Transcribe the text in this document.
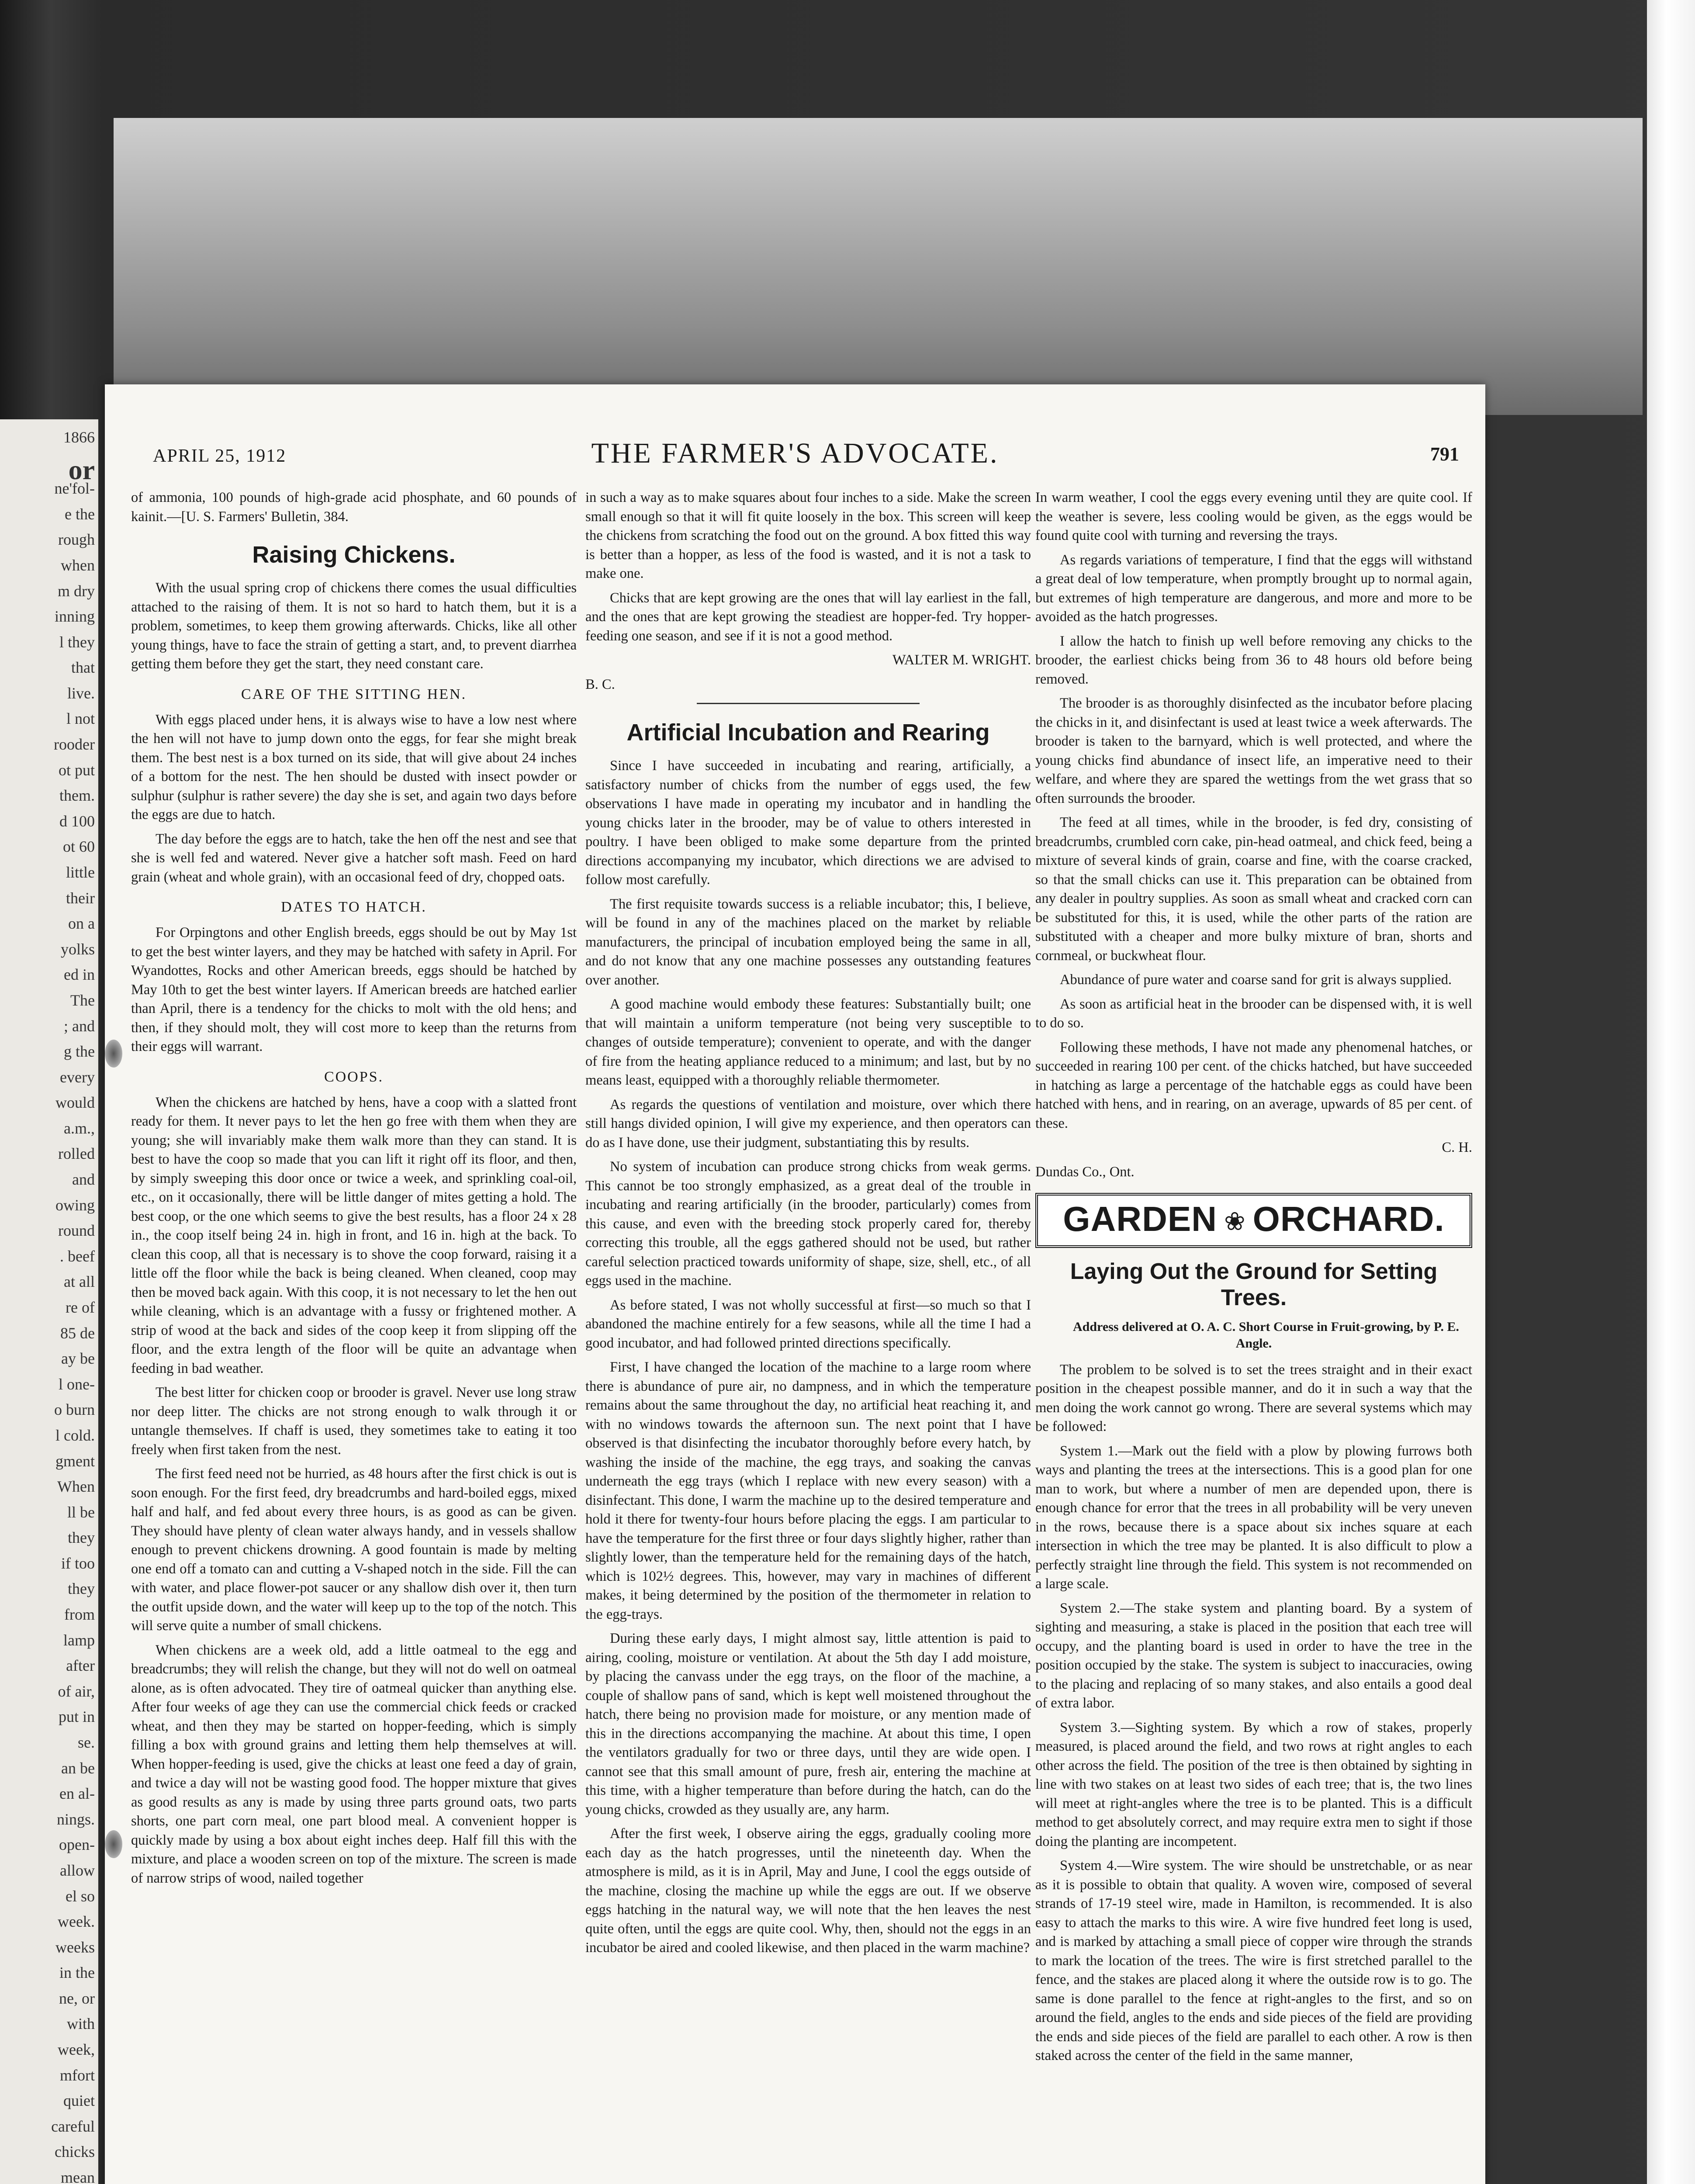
1866
or
ne'fol-
e the
rough
when
m dry
inning
l they
that
live.
l not
rooder
ot put
them.
d 100
ot 60
little
their
on a
yolks
ed in
The
; and
g the
every
would
a.m.,
rolled
and
owing
round
. beef
at all
re of
85 de
ay be
l one-
o burn
l cold.
gment
When
ll be
they
if too
they
from
lamp
after
of air,
put in
se.
an be
en al-
nings.
open-
allow
el so
week.
weeks
in the
ne, or
with
week,
mfort
quiet
careful
chicks
mean
APRIL 25, 1912	THE FARMER'S ADVOCATE.	791

of ammonia, 100 pounds of high-grade acid phosphate, and 60 pounds of kainit.—[U. S. Farmers' Bulletin, 384.

Raising Chickens.

With the usual spring crop of chickens there comes the usual difficulties attached to the raising of them. It is not so hard to hatch them, but it is a problem, sometimes, to keep them growing afterwards. Chicks, like all other young things, have to face the strain of getting a start, and, to prevent diarrhea getting them before they get the start, they need constant care.

CARE OF THE SITTING HEN.

With eggs placed under hens, it is always wise to have a low nest where the hen will not have to jump down onto the eggs, for fear she might break them. The best nest is a box turned on its side, that will give about 24 inches of a bottom for the nest. The hen should be dusted with insect powder or sulphur (sulphur is rather severe) the day she is set, and again two days before the eggs are due to hatch.

The day before the eggs are to hatch, take the hen off the nest and see that she is well fed and watered. Never give a hatcher soft mash. Feed on hard grain (wheat and whole grain), with an occasional feed of dry, chopped oats.

DATES TO HATCH.

For Orpingtons and other English breeds, eggs should be out by May 1st to get the best winter layers, and they may be hatched with safety in April. For Wyandottes, Rocks and other American breeds, eggs should be hatched by May 10th to get the best winter layers. If American breeds are hatched earlier than April, there is a tendency for the chicks to molt with the old hens; and then, if they should molt, they will cost more to keep than the returns from their eggs will warrant.

COOPS.

When the chickens are hatched by hens, have a coop with a slatted front ready for them. It never pays to let the hen go free with them when they are young; she will invariably make them walk more than they can stand. It is best to have the coop so made that you can lift it right off its floor, and then, by simply sweeping this door once or twice a week, and sprinkling coal-oil, etc., on it occasionally, there will be little danger of mites getting a hold. The best coop, or the one which seems to give the best results, has a floor 24 x 28 in., the coop itself being 24 in. high in front, and 16 in. high at the back. To clean this coop, all that is necessary is to shove the coop forward, raising it a little off the floor while the back is being cleaned. When cleaned, coop may then be moved back again. With this coop, it is not necessary to let the hen out while cleaning, which is an advantage with a fussy or frightened mother. A strip of wood at the back and sides of the coop keep it from slipping off the floor, and the extra length of the floor will be quite an advantage when feeding in bad weather.

The best litter for chicken coop or brooder is gravel. Never use long straw nor deep litter. The chicks are not strong enough to walk through it or untangle themselves. If chaff is used, they sometimes take to eating it too freely when first taken from the nest.

The first feed need not be hurried, as 48 hours after the first chick is out is soon enough. For the first feed, dry breadcrumbs and hard-boiled eggs, mixed half and half, and fed about every three hours, is as good as can be given. They should have plenty of clean water always handy, and in vessels shallow enough to prevent chickens drowning. A good fountain is made by melting one end off a tomato can and cutting a V-shaped notch in the side. Fill the can with water, and place flower-pot saucer or any shallow dish over it, then turn the outfit upside down, and the water will keep up to the top of the notch. This will serve quite a number of small chickens.

When chickens are a week old, add a little oatmeal to the egg and breadcrumbs; they will relish the change, but they will not do well on oatmeal alone, as is often advocated. They tire of oatmeal quicker than anything else. After four weeks of age they can use the commercial chick feeds or cracked wheat, and then they may be started on hopper-feeding, which is simply filling a box with ground grains and letting them help themselves at will. When hopper-feeding is used, give the chicks at least one feed a day of grain, and twice a day will not be wasting good food. The hopper mixture that gives as good results as any is made by using three parts ground oats, two parts shorts, one part corn meal, one part blood meal. A convenient hopper is quickly made by using a box about eight inches deep. Half fill this with the mixture, and place a wooden screen on top of the mixture. The screen is made of narrow strips of wood, nailed together

in such a way as to make squares about four inches to a side. Make the screen small enough so that it will fit quite loosely in the box. This screen will keep the chickens from scratching the food out on the ground. A box fitted this way is better than a hopper, as less of the food is wasted, and it is not a task to make one.

Chicks that are kept growing are the ones that will lay earliest in the fall, and the ones that are kept growing the steadiest are hopper-fed. Try hopper-feeding one season, and see if it is not a good method.

WALTER M. WRIGHT.

B. C.

Artificial Incubation and Rearing

Since I have succeeded in incubating and rearing, artificially, a satisfactory number of chicks from the number of eggs used, the few observations I have made in operating my incubator and in handling the young chicks later in the brooder, may be of value to others interested in poultry. I have been obliged to make some departure from the printed directions accompanying my incubator, which directions we are advised to follow most carefully.

The first requisite towards success is a reliable incubator; this, I believe, will be found in any of the machines placed on the market by reliable manufacturers, the principal of incubation employed being the same in all, and do not know that any one machine possesses any outstanding features over another.

A good machine would embody these features: Substantially built; one that will maintain a uniform temperature (not being very susceptible to changes of outside temperature); convenient to operate, and with the danger of fire from the heating appliance reduced to a minimum; and last, but by no means least, equipped with a thoroughly reliable thermometer.

As regards the questions of ventilation and moisture, over which there still hangs divided opinion, I will give my experience, and then operators can do as I have done, use their judgment, substantiating this by results.

No system of incubation can produce strong chicks from weak germs. This cannot be too strongly emphasized, as a great deal of the trouble in incubating and rearing artificially (in the brooder, particularly) comes from this cause, and even with the breeding stock properly cared for, thereby correcting this trouble, all the eggs gathered should not be used, but rather careful selection practiced towards uniformity of shape, size, shell, etc., of all eggs used in the machine.

As before stated, I was not wholly successful at first—so much so that I abandoned the machine entirely for a few seasons, while all the time I had a good incubator, and had followed printed directions specifically.

First, I have changed the location of the machine to a large room where there is abundance of pure air, no dampness, and in which the temperature remains about the same throughout the day, no artificial heat reaching it, and with no windows towards the afternoon sun. The next point that I have observed is that disinfecting the incubator thoroughly before every hatch, by washing the inside of the machine, the egg trays, and soaking the canvas underneath the egg trays (which I replace with new every season) with a disinfectant. This done, I warm the machine up to the desired temperature and hold it there for twenty-four hours before placing the eggs. I am particular to have the temperature for the first three or four days slightly higher, rather than slightly lower, than the temperature held for the remaining days of the hatch, which is 102½ degrees. This, however, may vary in machines of different makes, it being determined by the position of the thermometer in relation to the egg-trays.

During these early days, I might almost say, little attention is paid to airing, cooling, moisture or ventilation. At about the 5th day I add moisture, by placing the canvass under the egg trays, on the floor of the machine, a couple of shallow pans of sand, which is kept well moistened throughout the hatch, there being no provision made for moisture, or any mention made of this in the directions accompanying the machine. At about this time, I open the ventilators gradually for two or three days, until they are wide open. I cannot see that this small amount of pure, fresh air, entering the machine at this time, with a higher temperature than before during the hatch, can do the young chicks, crowded as they usually are, any harm.

After the first week, I observe airing the eggs, gradually cooling more each day as the hatch progresses, until the nineteenth day. When the atmosphere is mild, as it is in April, May and June, I cool the eggs outside of the machine, closing the machine up while the eggs are out. If we observe eggs hatching in the natural way, we will note that the hen leaves the nest quite often, until the eggs are quite cool. Why, then, should not the eggs in an incubator be aired and cooled likewise, and then placed in the warm machine?

In warm weather, I cool the eggs every evening until they are quite cool. If the weather is severe, less cooling would be given, as the eggs would be found quite cool with turning and reversing the trays.

As regards variations of temperature, I find that the eggs will withstand a great deal of low temperature, when promptly brought up to normal again, but extremes of high temperature are dangerous, and more and more to be avoided as the hatch progresses.

I allow the hatch to finish up well before removing any chicks to the brooder, the earliest chicks being from 36 to 48 hours old before being removed.

The brooder is as thoroughly disinfected as the incubator before placing the chicks in it, and disinfectant is used at least twice a week afterwards. The brooder is taken to the barnyard, which is well protected, and where the young chicks find abundance of insect life, an imperative need to their welfare, and where they are spared the wettings from the wet grass that so often surrounds the brooder.

The feed at all times, while in the brooder, is fed dry, consisting of breadcrumbs, crumbled corn cake, pin-head oatmeal, and chick feed, being a mixture of several kinds of grain, coarse and fine, with the coarse cracked, so that the small chicks can use it. This preparation can be obtained from any dealer in poultry supplies. As soon as small wheat and cracked corn can be substituted for this, it is used, while the other parts of the ration are substituted with a cheaper and more bulky mixture of bran, shorts and cornmeal, or buckwheat flour.

Abundance of pure water and coarse sand for grit is always supplied.

As soon as artificial heat in the brooder can be dispensed with, it is well to do so.

Following these methods, I have not made any phenomenal hatches, or succeeded in rearing 100 per cent. of the chicks hatched, but have succeeded in hatching as large a percentage of the hatchable eggs as could have been hatched with hens, and in rearing, on an average, upwards of 85 per cent. of these.

C. H.

Dundas Co., Ont.

GARDEN ❀ ORCHARD.
Laying Out the Ground for Setting Trees.

Address delivered at O. A. C. Short Course in Fruit-growing, by P. E. Angle.

The problem to be solved is to set the trees straight and in their exact position in the cheapest possible manner, and do it in such a way that the men doing the work cannot go wrong. There are several systems which may be followed:

System 1.—Mark out the field with a plow by plowing furrows both ways and planting the trees at the intersections. This is a good plan for one man to work, but where a number of men are depended upon, there is enough chance for error that the trees in all probability will be very uneven in the rows, because there is a space about six inches square at each intersection in which the tree may be planted. It is also difficult to plow a perfectly straight line through the field. This system is not recommended on a large scale.

System 2.—The stake system and planting board. By a system of sighting and measuring, a stake is placed in the position that each tree will occupy, and the planting board is used in order to have the tree in the position occupied by the stake. The system is subject to inaccuracies, owing to the placing and replacing of so many stakes, and also entails a good deal of extra labor.

System 3.—Sighting system. By which a row of stakes, properly measured, is placed around the field, and two rows at right angles to each other across the field. The position of the tree is then obtained by sighting in line with two stakes on at least two sides of each tree; that is, the two lines will meet at right-angles where the tree is to be planted. This is a difficult method to get absolutely correct, and may require extra men to sight if those doing the planting are incompetent.

System 4.—Wire system. The wire should be unstretchable, or as near as it is possible to obtain that quality. A woven wire, composed of several strands of 17-19 steel wire, made in Hamilton, is recommended. It is also easy to attach the marks to this wire. A wire five hundred feet long is used, and is marked by attaching a small piece of copper wire through the strands to mark the location of the trees. The wire is first stretched parallel to the fence, and the stakes are placed along it where the outside row is to go. The same is done parallel to the fence at right-angles to the first, and so on around the field, angles to the ends and side pieces of the field are providing the ends and side pieces of the field are parallel to each other. A row is then staked across the center of the field in the same manner,
